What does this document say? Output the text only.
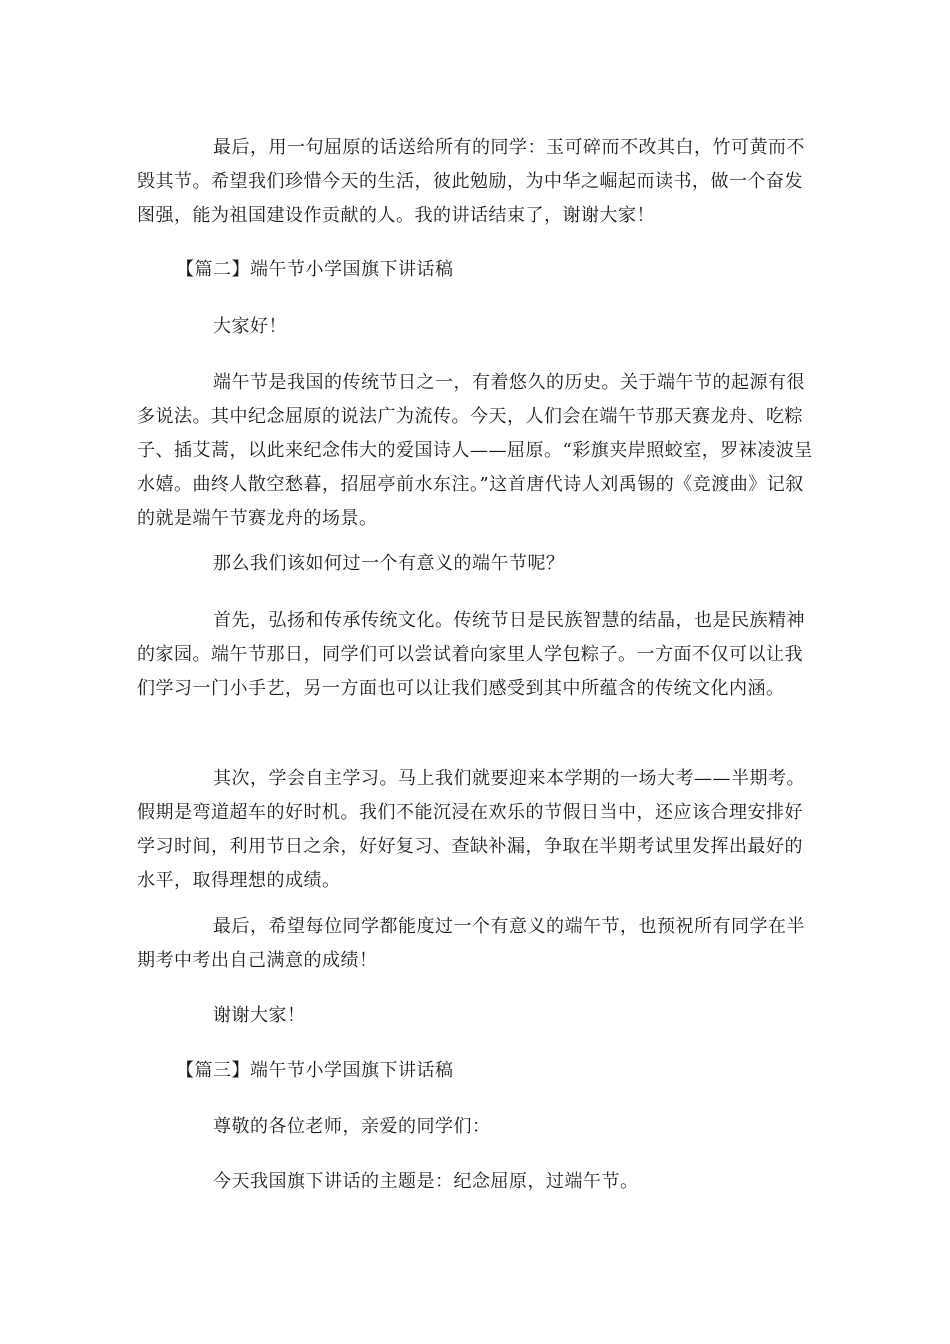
最后，用一句屈原的话送给所有的同学：玉可碎而不改其白，竹可黄而不毁其节。希望我们珍惜今天的生活，彼此勉励，为中华之崛起而读书，做一个奋发图强，能为祖国建设作贡献的人。我的讲话结束了，谢谢大家！

【篇二】端午节小学国旗下讲话稿

大家好！

端午节是我国的传统节日之一，有着悠久的历史。关于端午节的起源有很多说法。其中纪念屈原的说法广为流传。今天，人们会在端午节那天赛龙舟、吃粽子、插艾蒿，以此来纪念伟大的爱国诗人——屈原。“彩旗夹岸照蛟室，罗袜凌波呈水嬉。曲终人散空愁暮，招屈亭前水东注。”这首唐代诗人刘禹锡的《竞渡曲》记叙的就是端午节赛龙舟的场景。

那么我们该如何过一个有意义的端午节呢？

首先，弘扬和传承传统文化。传统节日是民族智慧的结晶，也是民族精神的家园。端午节那日，同学们可以尝试着向家里人学包粽子。一方面不仅可以让我们学习一门小手艺，另一方面也可以让我们感受到其中所蕴含的传统文化内涵。

其次，学会自主学习。马上我们就要迎来本学期的一场大考——半期考。假期是弯道超车的好时机。我们不能沉浸在欢乐的节假日当中，还应该合理安排好学习时间，利用节日之余，好好复习、查缺补漏，争取在半期考试里发挥出最好的水平，取得理想的成绩。

最后，希望每位同学都能度过一个有意义的端午节，也预祝所有同学在半期考中考出自己满意的成绩！

谢谢大家！

【篇三】端午节小学国旗下讲话稿

尊敬的各位老师，亲爱的同学们：

今天我国旗下讲话的主题是：纪念屈原，过端午节。
